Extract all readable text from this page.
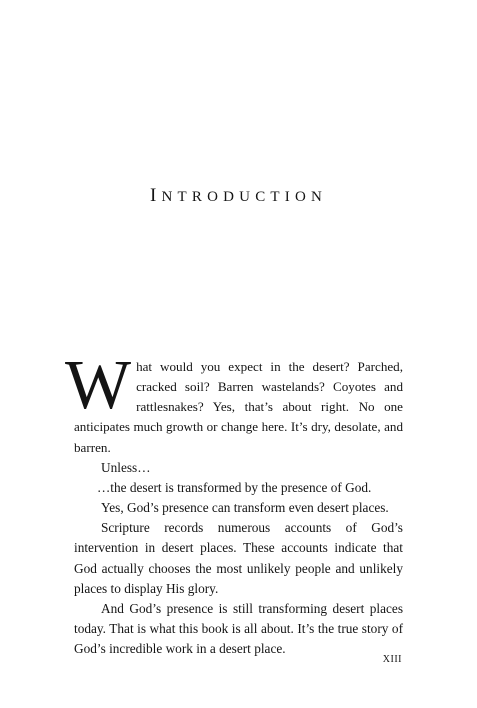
INTRODUCTION

What would you expect in the desert? Parched, cracked soil? Barren wastelands? Coyotes and rattlesnakes? Yes, that’s about right. No one anticipates much growth or change here. It’s dry, desolate, and barren.

Unless…

…the desert is transformed by the presence of God.

Yes, God’s presence can transform even desert places.

Scripture records numerous accounts of God’s intervention in desert places. These accounts indicate that God actually chooses the most unlikely people and unlikely places to display His glory.

And God’s presence is still transforming desert places today. That is what this book is all about. It’s the true story of God’s incredible work in a desert place.

XIII
